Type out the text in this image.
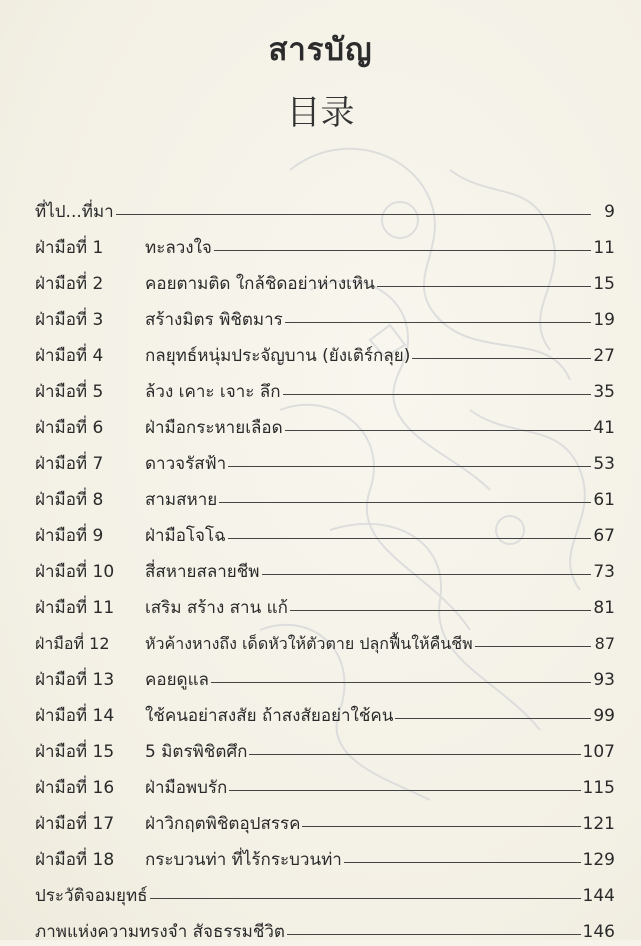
สารบัญ
目录
ที่ไป...ที่มา	9
ฝ่ามือที่ 1	ทะลวงใจ	11
ฝ่ามือที่ 2	คอยตามติด ใกล้ชิดอย่าห่างเหิน	15
ฝ่ามือที่ 3	สร้างมิตร พิชิตมาร	19
ฝ่ามือที่ 4	กลยุทธ์หนุ่มประจัญบาน (ยังเติร์กลุย)	27
ฝ่ามือที่ 5	ล้วง เคาะ เจาะ ลึก	35
ฝ่ามือที่ 6	ฝ่ามือกระหายเลือด	41
ฝ่ามือที่ 7	ดาวจรัสฟ้า	53
ฝ่ามือที่ 8	สามสหาย	61
ฝ่ามือที่ 9	ฝ่ามือโจโฉ	67
ฝ่ามือที่ 10	สี่สหายสลายชีพ	73
ฝ่ามือที่ 11	เสริม สร้าง สาน แก้	81
ฝ่ามือที่ 12	หัวค้างหางถึง เด็ดหัวให้ตัวตาย ปลุกฟื้นให้คืนชีพ	87
ฝ่ามือที่ 13	คอยดูแล	93
ฝ่ามือที่ 14	ใช้คนอย่าสงสัย ถ้าสงสัยอย่าใช้คน	99
ฝ่ามือที่ 15	5 มิตรพิชิตศึก	107
ฝ่ามือที่ 16	ฝ่ามือพบรัก	115
ฝ่ามือที่ 17	ฝ่าวิกฤตพิชิตอุปสรรค	121
ฝ่ามือที่ 18	กระบวนท่า ที่ไร้กระบวนท่า	129
ประวัติจอมยุทธ์	144
ภาพแห่งความทรงจำ สัจธรรมชีวิต	146
